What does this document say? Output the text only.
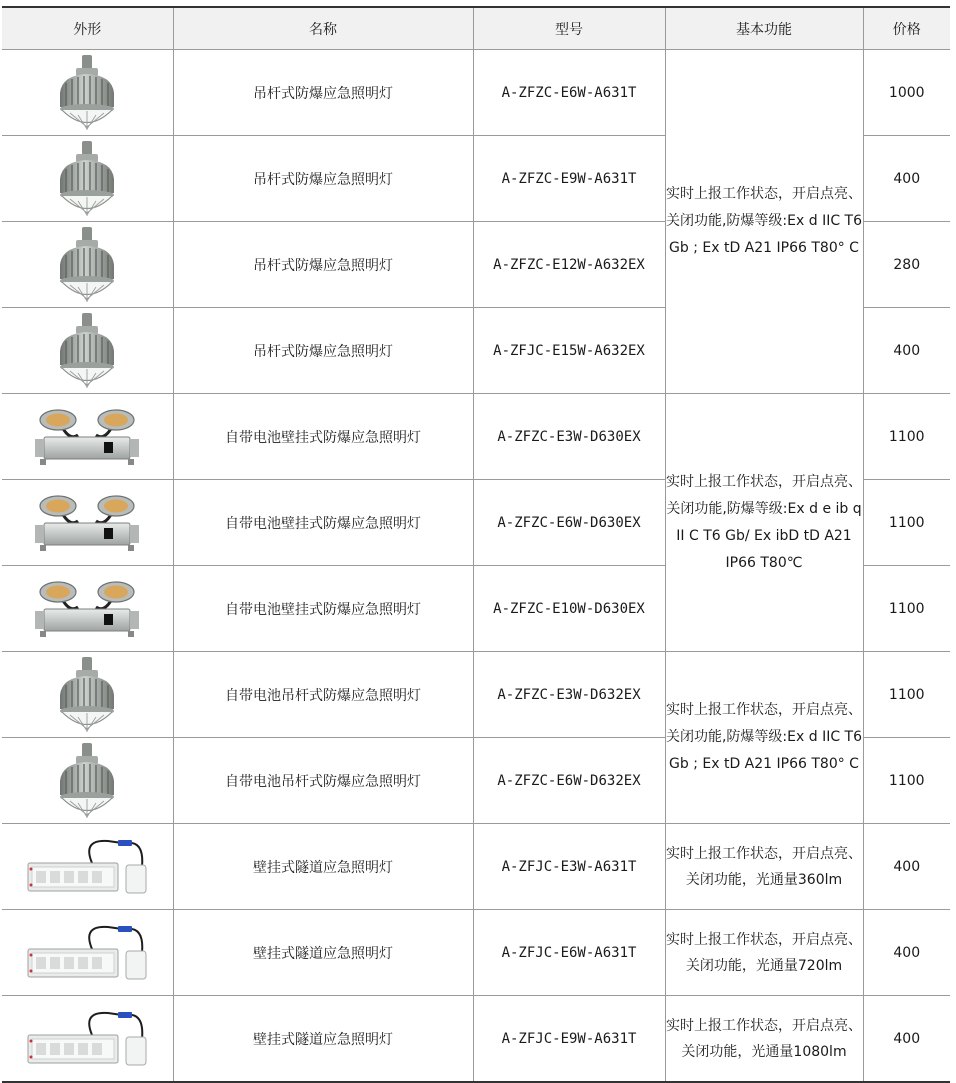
外形	名称	型号	基本功能	价格

	吊杆式防爆应急照明灯	A-ZFZC-E6W-A631T	实时上报工作状态，开启点亮、关闭功能,防爆等级:Ex d IIC T6 Gb ; Ex tD A21 IP66 T80° C	1000

	吊杆式防爆应急照明灯	A-ZFZC-E9W-A631T		400

	吊杆式防爆应急照明灯	A-ZFZC-E12W-A632EX		280

	吊杆式防爆应急照明灯	A-ZFJC-E15W-A632EX		400

	自带电池壁挂式防爆应急照明灯	A-ZFZC-E3W-D630EX	实时上报工作状态，开启点亮、关闭功能,防爆等级:Ex d e ib q II C T6 Gb/ Ex ibD tD A21 IP66 T80℃	1100

	自带电池壁挂式防爆应急照明灯	A-ZFZC-E6W-D630EX		1100

	自带电池壁挂式防爆应急照明灯	A-ZFZC-E10W-D630EX		1100

	自带电池吊杆式防爆应急照明灯	A-ZFZC-E3W-D632EX	实时上报工作状态，开启点亮、关闭功能,防爆等级:Ex d IIC T6 Gb ; Ex tD A21 IP66 T80° C	1100

	自带电池吊杆式防爆应急照明灯	A-ZFZC-E6W-D632EX		1100

	壁挂式隧道应急照明灯	A-ZFJC-E3W-A631T	实时上报工作状态，开启点亮、关闭功能，光通量360lm	400

	壁挂式隧道应急照明灯	A-ZFJC-E6W-A631T	实时上报工作状态，开启点亮、关闭功能，光通量720lm	400

	壁挂式隧道应急照明灯	A-ZFJC-E9W-A631T	实时上报工作状态，开启点亮、关闭功能，光通量1080lm	400
